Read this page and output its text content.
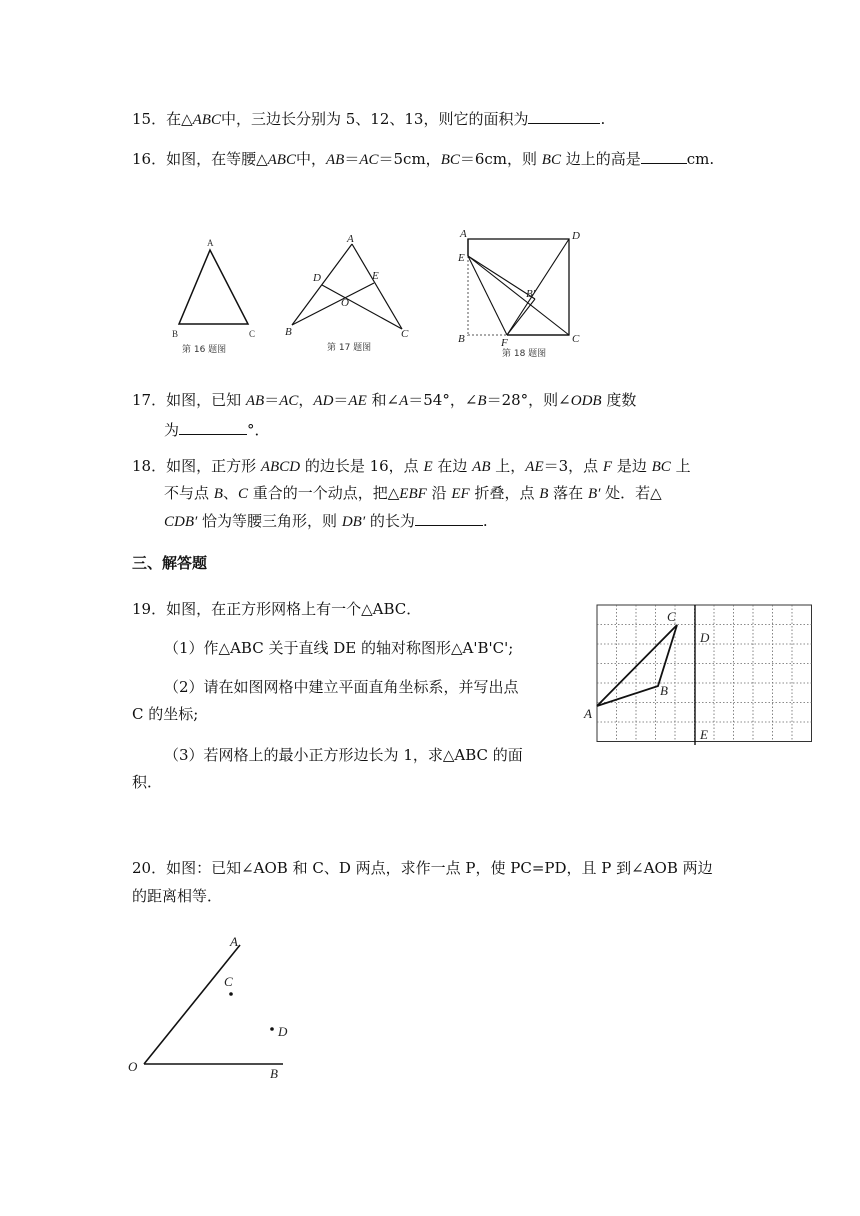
15．在△ABC中，三边长分别为 5、12、13，则它的面积为	.
16．如图，在等腰△ABC中，AB＝AC＝5cm，BC＝6cm，则 BC 边上的高是	cm.
A
B	C
第 16 题图
A
B	C
D	E
O
第 17 题图
A
E
B	F	C
D
B'
第 18 题图
17．如图，已知 AB＝AC，AD＝AE 和∠A＝54°，∠B＝28°，则∠ODB 度数
为	°．
18．如图，正方形 ABCD 的边长是 16，点 E 在边 AB 上，AE＝3，点 F 是边 BC 上
不与点 B、C 重合的一个动点，把△EBF 沿 EF 折叠，点 B 落在 B′ 处．若△
CDB′ 恰为等腰三角形，则 DB′ 的长为	.
三、解答题
19．如图，在正方形网格上有一个△ABC．
（1）作△ABC 关于直线 DE 的轴对称图形△A'B'C';
（2）请在如图网格中建立平面直角坐标系，并写出点
C 的坐标;
（3）若网格上的最小正方形边长为 1，求△ABC 的面
积．
A
B
C
D
E
20．如图：已知∠AOB 和 C、D 两点，求作一点 P，使 PC=PD，且 P 到∠AOB 两边
的距离相等．
A
C
D
O	B
